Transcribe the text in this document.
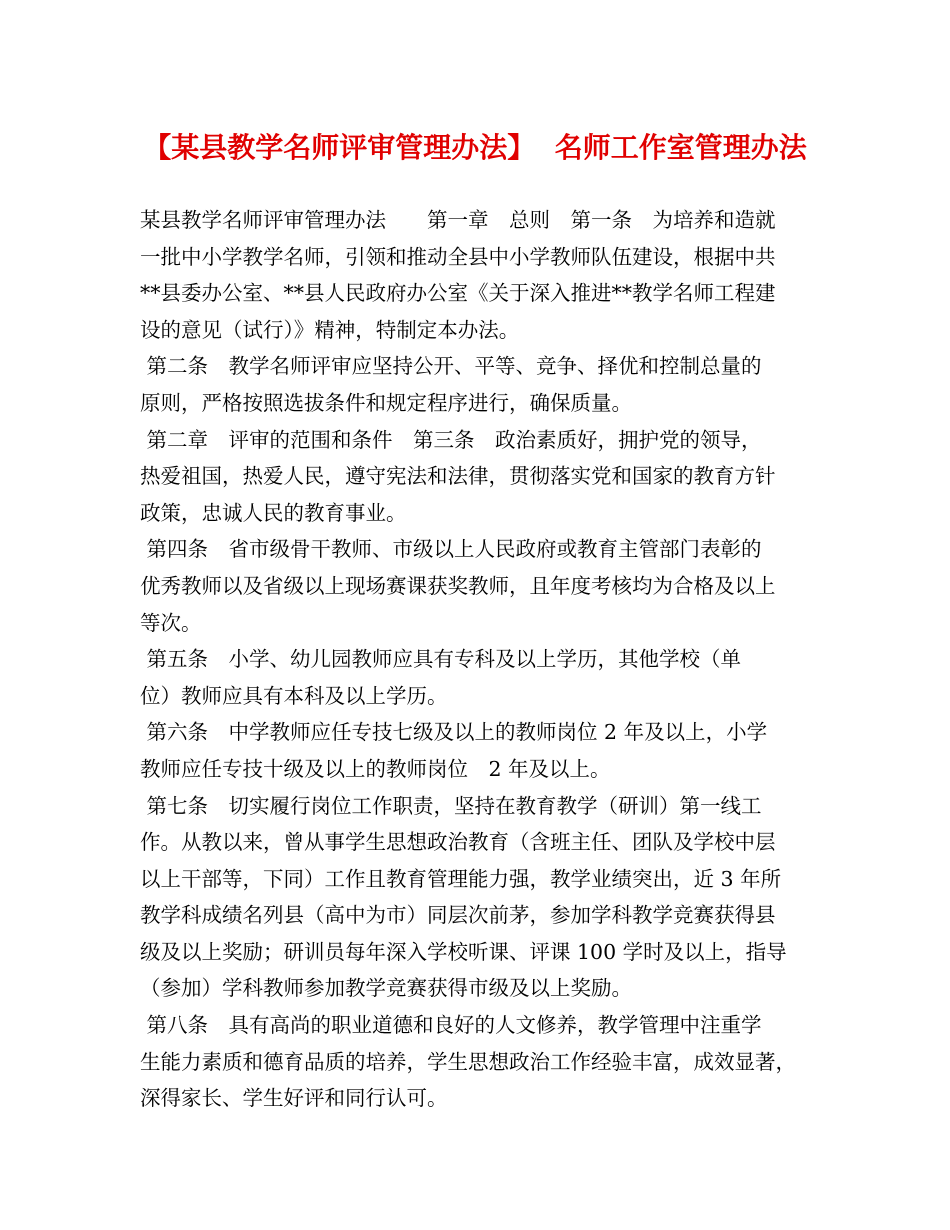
【某县教学名师评审管理办法】 名师工作室管理办法
某县教学名师评审管理办法　　第一章　总则　第一条　为培养和造就
一批中小学教学名师，引领和推动全县中小学教师队伍建设，根据中共
**县委办公室、**县人民政府办公室《关于深入推进**教学名师工程建
设的意见（试行）》精神，特制定本办法。
第二条　教学名师评审应坚持公开、平等、竞争、择优和控制总量的
原则，严格按照选拔条件和规定程序进行，确保质量。
第二章　评审的范围和条件　第三条　政治素质好，拥护党的领导，
热爱祖国，热爱人民，遵守宪法和法律，贯彻落实党和国家的教育方针
政策，忠诚人民的教育事业。
第四条　省市级骨干教师、市级以上人民政府或教育主管部门表彰的
优秀教师以及省级以上现场赛课获奖教师，且年度考核均为合格及以上
等次。
第五条　小学、幼儿园教师应具有专科及以上学历，其他学校（单
位）教师应具有本科及以上学历。
第六条　中学教师应任专技七级及以上的教师岗位 2 年及以上，小学
教师应任专技十级及以上的教师岗位　2 年及以上。
第七条　切实履行岗位工作职责，坚持在教育教学（研训）第一线工
作。从教以来，曾从事学生思想政治教育（含班主任、团队及学校中层
以上干部等，下同）工作且教育管理能力强，教学业绩突出，近 3 年所
教学科成绩名列县（高中为市）同层次前茅，参加学科教学竞赛获得县
级及以上奖励；研训员每年深入学校听课、评课 100 学时及以上，指导
（参加）学科教师参加教学竞赛获得市级及以上奖励。
第八条　具有高尚的职业道德和良好的人文修养，教学管理中注重学
生能力素质和德育品质的培养，学生思想政治工作经验丰富，成效显著，
深得家长、学生好评和同行认可。
